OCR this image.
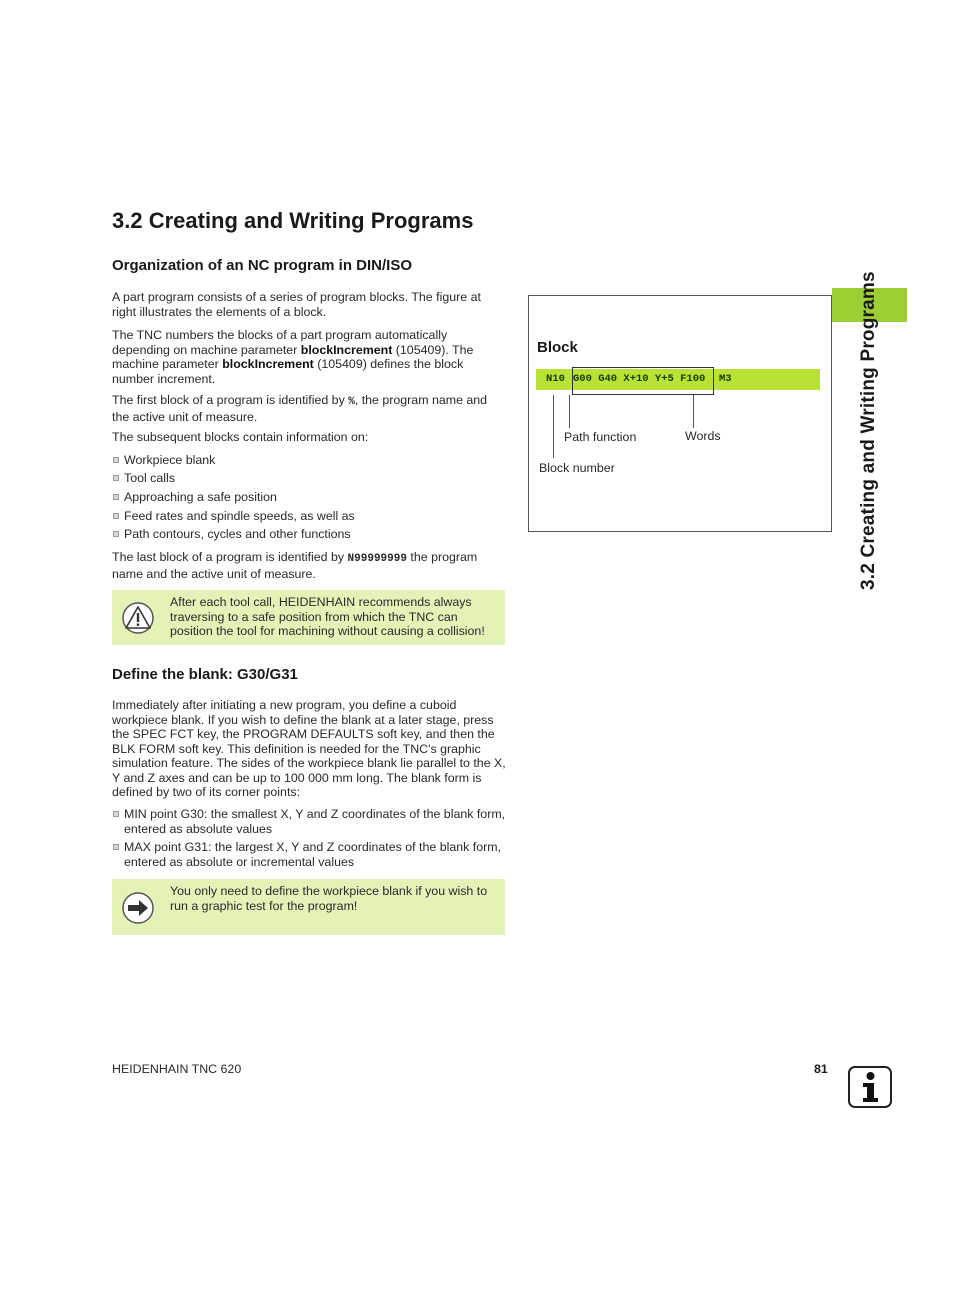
3.2 Creating and Writing Programs
3.2 Creating and Writing Programs
Organization of an NC program in DIN/ISO

A part program consists of a series of program blocks. The figure at right illustrates the elements of a block.

The TNC numbers the blocks of a part program automatically depending on machine parameter blockIncrement (105409). The machine parameter blockIncrement (105409) defines the block number increment.

The first block of a program is identified by %, the program name and the active unit of measure.

The subsequent blocks contain information on:

Workpiece blank
Tool calls
Approaching a safe position
Feed rates and spindle speeds, as well as
Path contours, cycles and other functions

The last block of a program is identified by N99999999 the program name and the active unit of measure.

After each tool call, HEIDENHAIN recommends always traversing to a safe position from which the TNC can position the tool for machining without causing a collision!
Define the blank: G30/G31

Immediately after initiating a new program, you define a cuboid workpiece blank. If you wish to define the blank at a later stage, press the SPEC FCT key, the PROGRAM DEFAULTS soft key, and then the BLK FORM soft key. This definition is needed for the TNC's graphic simulation feature. The sides of the workpiece blank lie parallel to the X, Y and Z axes and can be up to 100 000 mm long. The blank form is defined by two of its corner points:

MIN point G30: the smallest X, Y and Z coordinates of the blank form, entered as absolute values
MAX point G31: the largest X, Y and Z coordinates of the blank form, entered as absolute or incremental values
You only need to define the workpiece blank if you wish to run a graphic test for the program!
Block
N10 G00 G40 X+10 Y+5 F100 M3
Path function	Words
Block number
HEIDENHAIN TNC 620	81
